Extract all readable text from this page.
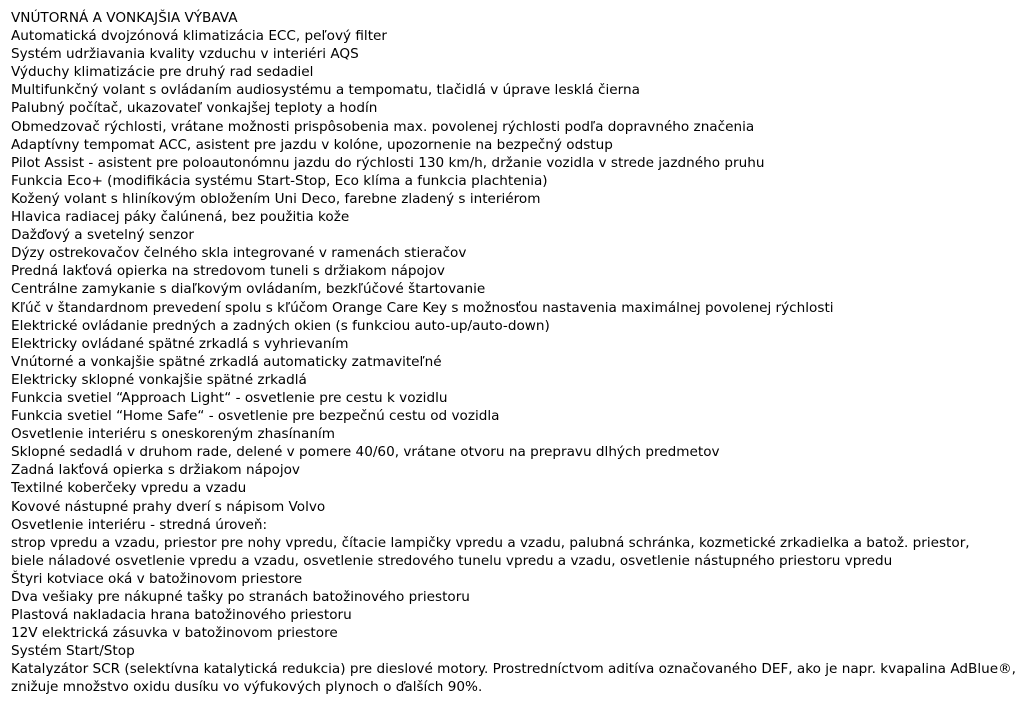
VNÚTORNÁ A VONKAJŠIA VÝBAVA
Automatická dvojzónová klimatizácia ECC, peľový filter
Systém udržiavania kvality vzduchu v interiéri AQS
Výduchy klimatizácie pre druhý rad sedadiel
Multifunkčný volant s ovládaním audiosystému a tempomatu, tlačidlá v úprave lesklá čierna
Palubný počítač, ukazovateľ vonkajšej teploty a hodín
Obmedzovač rýchlosti, vrátane možnosti prispôsobenia max. povolenej rýchlosti podľa dopravného značenia
Adaptívny tempomat ACC, asistent pre jazdu v kolóne, upozornenie na bezpečný odstup
Pilot Assist - asistent pre poloautonómnu jazdu do rýchlosti 130 km/h, držanie vozidla v strede jazdného pruhu
Funkcia Eco+ (modifikácia systému Start-Stop, Eco klíma a funkcia plachtenia)
Kožený volant s hliníkovým obložením Uni Deco, farebne zladený s interiérom
Hlavica radiacej páky čalúnená, bez použitia kože
Dažďový a svetelný senzor
Dýzy ostrekovačov čelného skla integrované v ramenách stieračov
Predná lakťová opierka na stredovom tuneli s držiakom nápojov
Centrálne zamykanie s diaľkovým ovládaním, bezkľúčové štartovanie
Kľúč v štandardnom prevedení spolu s kľúčom Orange Care Key s možnosťou nastavenia maximálnej povolenej rýchlosti
Elektrické ovládanie predných a zadných okien (s funkciou auto-up/auto-down)
Elektricky ovládané spätné zrkadlá s vyhrievaním
Vnútorné a vonkajšie spätné zrkadlá automaticky zatmaviteľné
Elektricky sklopné vonkajšie spätné zrkadlá
Funkcia svetiel “Approach Light“ - osvetlenie pre cestu k vozidlu
Funkcia svetiel “Home Safe“ - osvetlenie pre bezpečnú cestu od vozidla
Osvetlenie interiéru s oneskoreným zhasínaním
Sklopné sedadlá v druhom rade, delené v pomere 40/60, vrátane otvoru na prepravu dlhých predmetov
Zadná lakťová opierka s držiakom nápojov
Textilné koberčeky vpredu a vzadu
Kovové nástupné prahy dverí s nápisom Volvo
Osvetlenie interiéru - stredná úroveň:
strop vpredu a vzadu, priestor pre nohy vpredu, čítacie lampičky vpredu a vzadu, palubná schránka, kozmetické zrkadielka a batož. priestor,
biele náladové osvetlenie vpredu a vzadu, osvetlenie stredového tunelu vpredu a vzadu, osvetlenie nástupného priestoru vpredu
Štyri kotviace oká v batožinovom priestore
Dva vešiaky pre nákupné tašky po stranách batožinového priestoru
Plastová nakladacia hrana batožinového priestoru
12V elektrická zásuvka v batožinovom priestore
Systém Start/Stop
Katalyzátor SCR (selektívna katalytická redukcia) pre dieslové motory. Prostredníctvom aditíva označovaného DEF, ako je napr. kvapalina AdBlue®,
znižuje množstvo oxidu dusíku vo výfukových plynoch o ďalších 90%.
